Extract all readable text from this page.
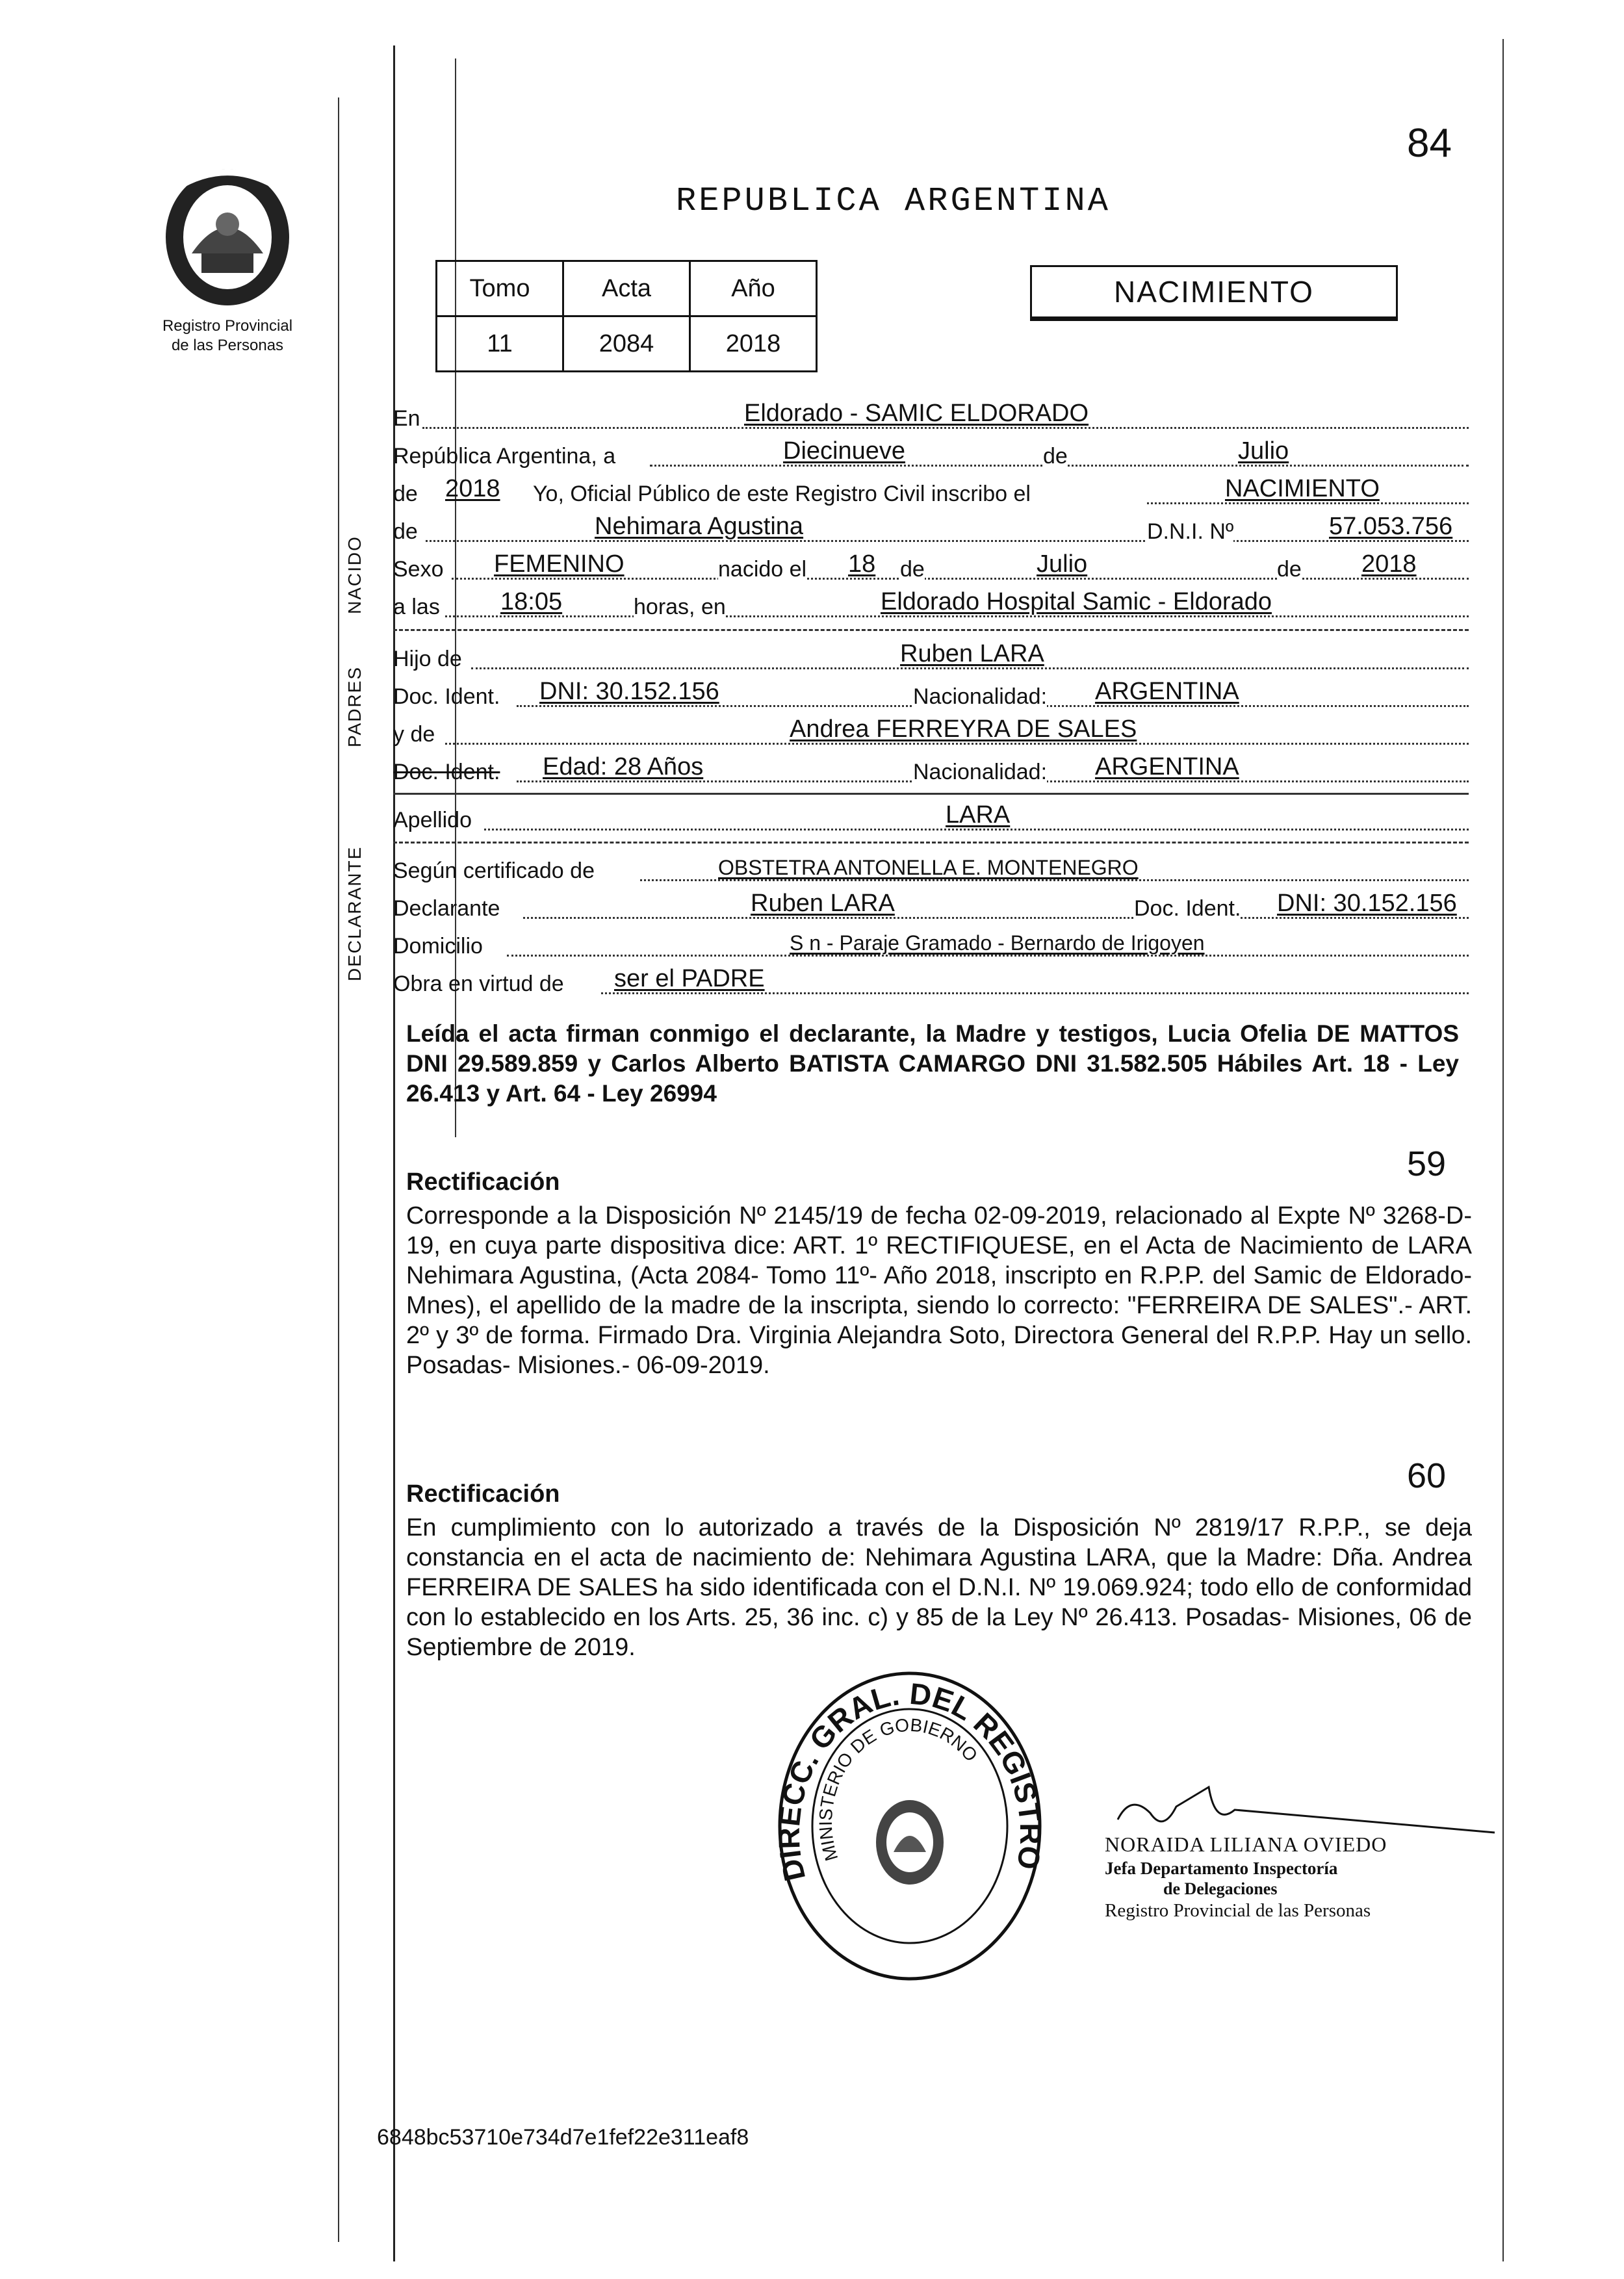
Registro Provincial
de las Personas
84
REPUBLICA ARGENTINA
Tomo	Acta	Año
11	2084	2018
NACIMIENTO
NACIDO
PADRES
DECLARANTE
En	Eldorado - SAMIC ELDORADO
República Argentina, a	Diecinueve	de	Julio
de 2018 Yo, Oficial Público de este Registro Civil inscribo el	NACIMIENTO
de	Nehimara Agustina	D.N.I. Nº	57.053.756
Sexo FEMENINO	nacido el 18 de	Julio	de 2018
a las 18:05	horas, en	Eldorado Hospital Samic - Eldorado
Hijo de	Ruben LARA
Doc. Ident. DNI: 30.152.156	Nacionalidad: ARGENTINA
y de	Andrea FERREYRA DE SALES
Doc. Ident. Edad: 28 Años	Nacionalidad: ARGENTINA
Apellido	LARA
Según certificado de	OBSTETRA ANTONELLA E. MONTENEGRO
Declarante	Ruben LARA	Doc. Ident. DNI: 30.152.156
Domicilio	S n - Paraje Gramado - Bernardo de Irigoyen
Obra en virtud de ser el PADRE
Leída el acta firman conmigo el declarante, la Madre y testigos, Lucia Ofelia DE MATTOS DNI 29.589.859 y Carlos Alberto BATISTA CAMARGO DNI 31.582.505 Hábiles Art. 18 - Ley 26.413 y Art. 64 - Ley 26994
59
Rectificación
Corresponde a la Disposición Nº 2145/19 de fecha 02-09-2019, relacionado al Expte Nº 3268-D-19, en cuya parte dispositiva dice: ART. 1º RECTIFIQUESE, en el Acta de Nacimiento de LARA Nehimara Agustina, (Acta 2084- Tomo 11º- Año 2018, inscripto en R.P.P. del Samic de Eldorado-Mnes), el apellido de la madre de la inscripta, siendo lo correcto: "FERREIRA DE SALES".- ART. 2º y 3º de forma. Firmado Dra. Virginia Alejandra Soto, Directora General del R.P.P. Hay un sello. Posadas- Misiones.- 06-09-2019.
60
Rectificación
En cumplimiento con lo autorizado a través de la Disposición Nº 2819/17 R.P.P., se deja constancia en el acta de nacimiento de: Nehimara Agustina LARA, que la Madre: Dña. Andrea FERREIRA DE SALES ha sido identificada con el D.N.I. Nº 19.069.924; todo ello de conformidad con lo establecido en los Arts. 25, 36 inc. c) y 85 de la Ley Nº 26.413. Posadas- Misiones, 06 de Septiembre de 2019.
DIRECC. GRAL. DEL REGISTRO
MINISTERIO DE GOBIERNO
NORAIDA LILIANA OVIEDO
Jefa Departamento Inspectoría
de Delegaciones
Registro Provincial de las Personas
6848bc53710e734d7e1fef22e311eaf8
